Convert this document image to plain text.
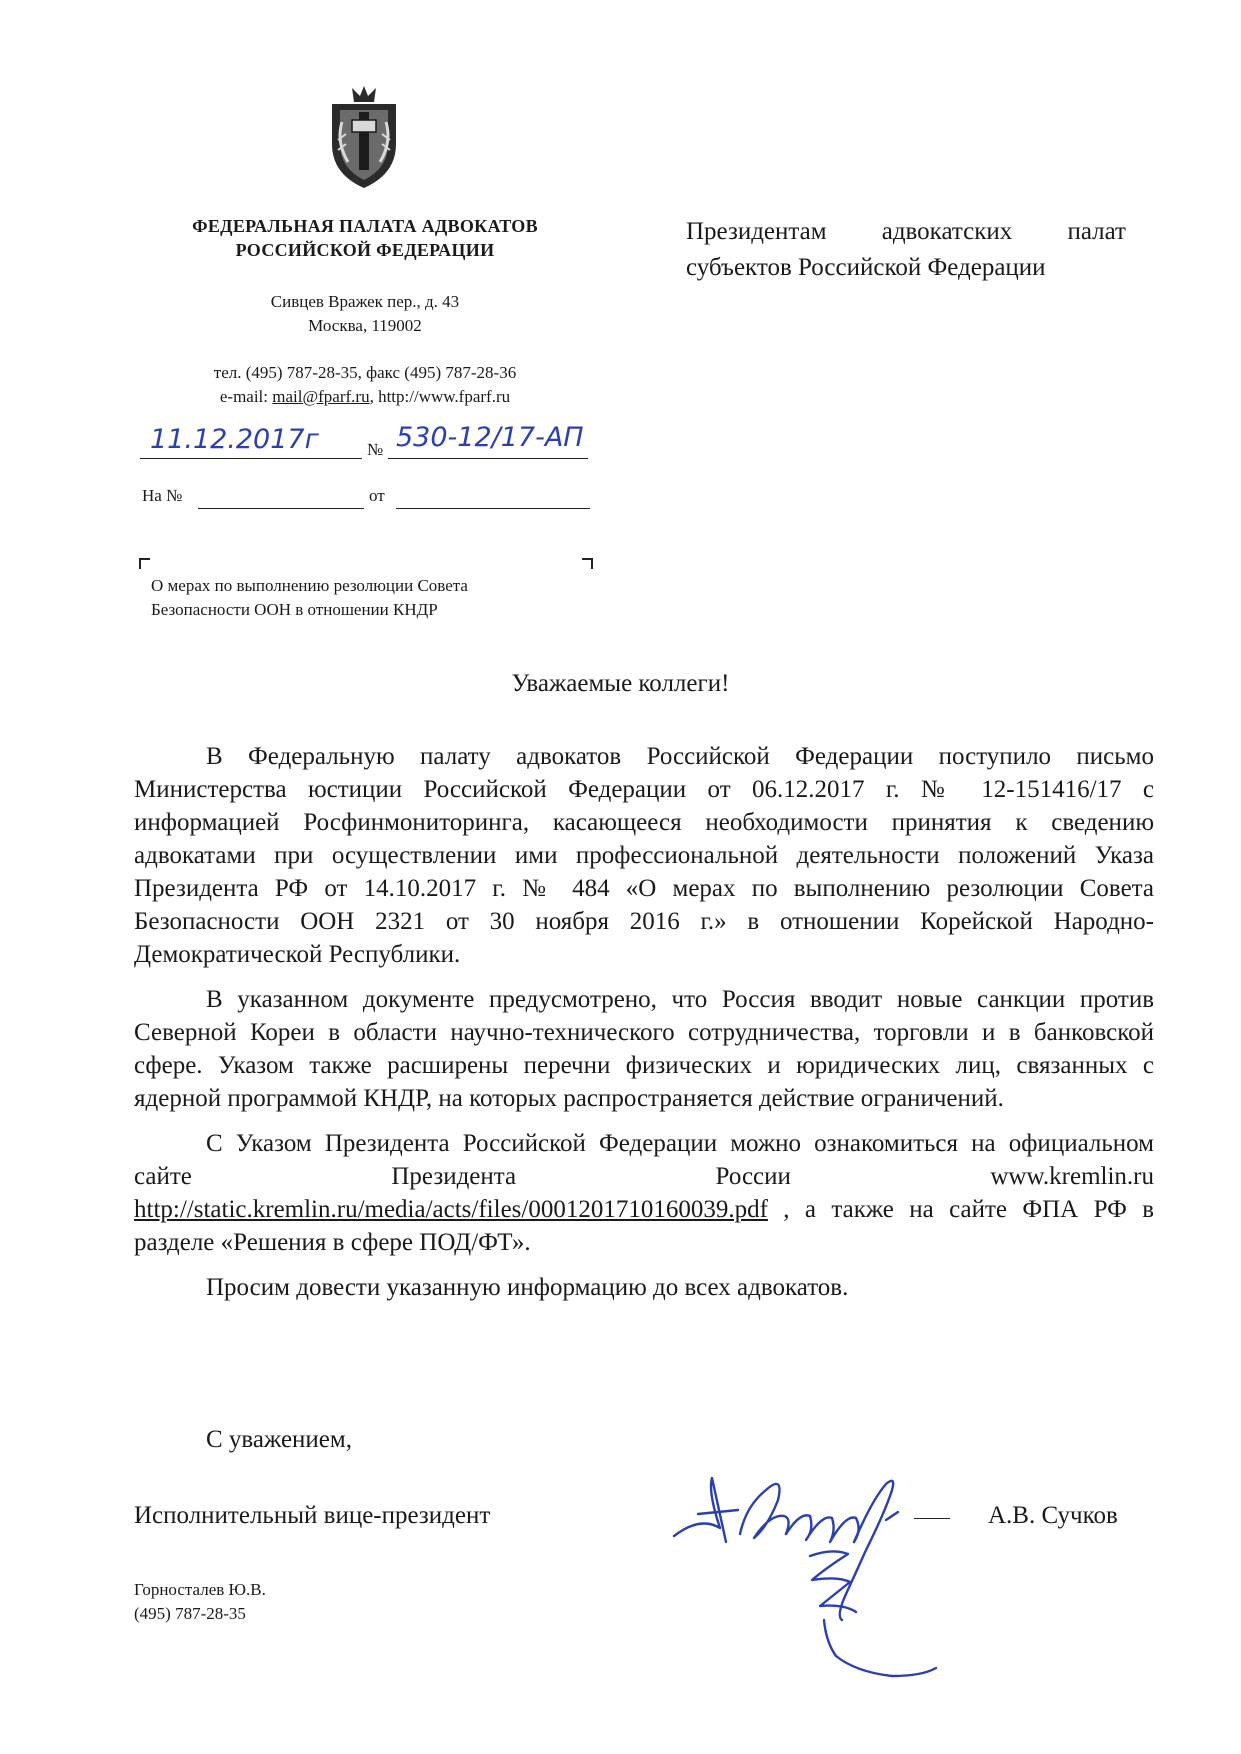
ФЕДЕРАЛЬНАЯ ПАЛАТА АДВОКАТОВ
РОССИЙСКОЙ ФЕДЕРАЦИИ
Сивцев Вражек пер., д. 43
Москва, 119002
тел. (495) 787-28-35, факс (495) 787-28-36
e-mail: mail@fparf.ru, http://www.fparf.ru
Президентам адвокатских палат
субъектов Российской Федерации
11.12.2017г	№ 530-12/17-АП
На №	от
О мерах по выполнению резолюции Совета
Безопасности ООН в отношении КНДР
Уважаемые коллеги!

В Федеральную палату адвокатов Российской Федерации поступило письмо Министерства юстиции Российской Федерации от 06.12.2017 г. № 12-151416/17 с информацией Росфинмониторинга, касающееся необходимости принятия к сведению адвокатами при осуществлении ими профессиональной деятельности положений Указа Президента РФ от 14.10.2017 г. № 484 «О мерах по выполнению резолюции Совета Безопасности ООН 2321 от 30 ноября 2016 г.» в отношении Корейской Народно-Демократической Республики.

В указанном документе предусмотрено, что Россия вводит новые санкции против Северной Кореи в области научно-технического сотрудничества, торговли и в банковской сфере. Указом также расширены перечни физических и юридических лиц, связанных с ядерной программой КНДР, на которых распространяется действие ограничений.

С Указом Президента Российской Федерации можно ознакомиться на официальном сайте Президента России www.kremlin.ru http://static.kremlin.ru/media/acts/files/0001201710160039.pdf , а также на сайте ФПА РФ в разделе «Решения в сфере ПОД/ФТ».

Просим довести указанную информацию до всех адвокатов.

С уважением,
Исполнительный вице-президент	А.В. Сучков
Горносталев Ю.В.
(495) 787-28-35
